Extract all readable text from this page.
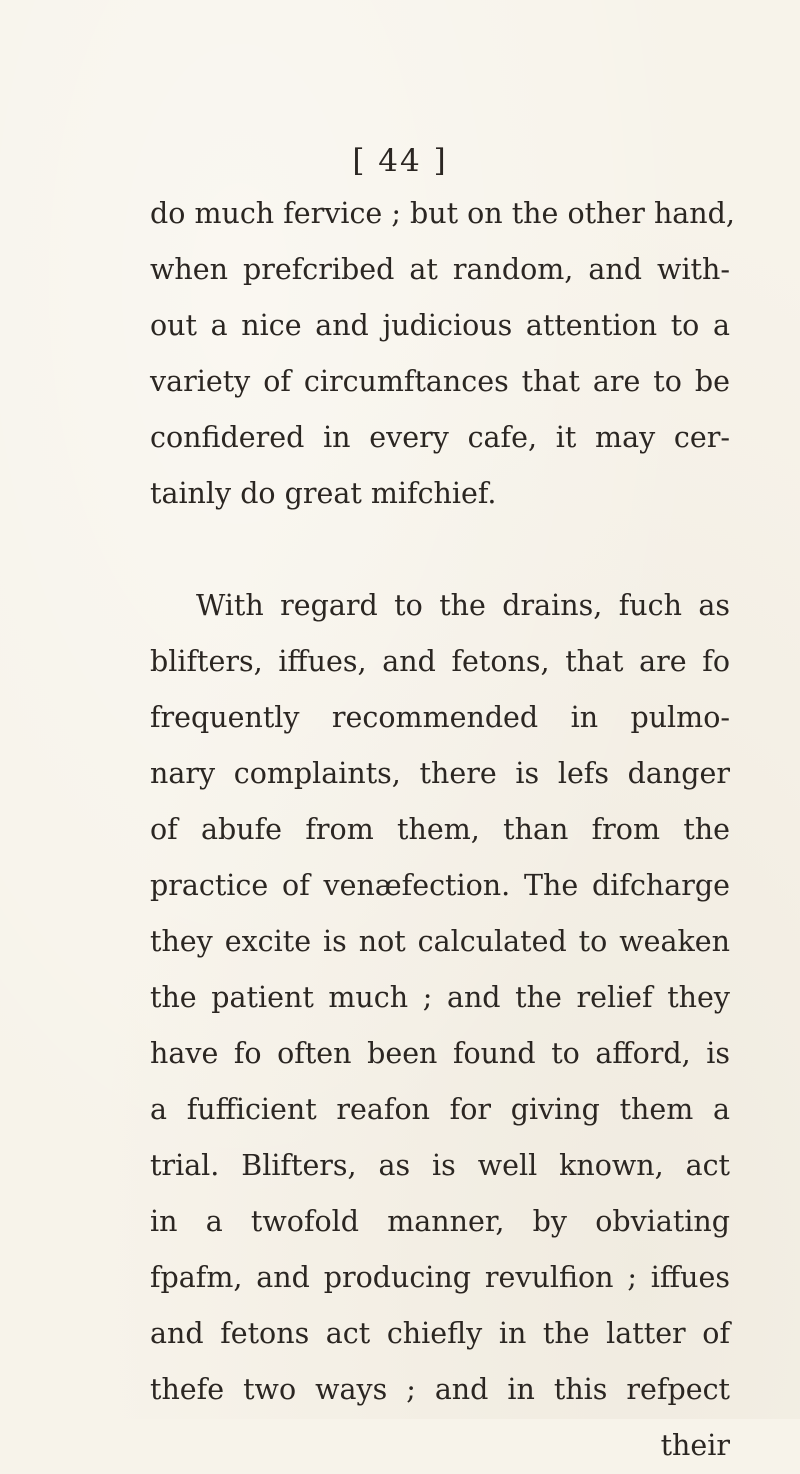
[ 44 ]
do much fervice ; but on the other hand,
when prefcribed at random, and with-
out a nice and judicious attention to a
variety of circumftances that are to be
confidered in every cafe, it may cer-
tainly do great mifchief.
With regard to the drains, fuch as
blifters, iffues, and fetons, that are fo
frequently recommended in pulmo-
nary complaints, there is lefs danger
of abufe from them, than from the
practice of venæfection. The difcharge
they excite is not calculated to weaken
the patient much ; and the relief they
have fo often been found to afford, is
a fufficient reafon for giving them a
trial. Blifters, as is well known, act
in a twofold manner, by obviating
fpafm, and producing revulfion ; iffues
and fetons act chiefly in the latter of
thefe two ways ; and in this refpect
their
